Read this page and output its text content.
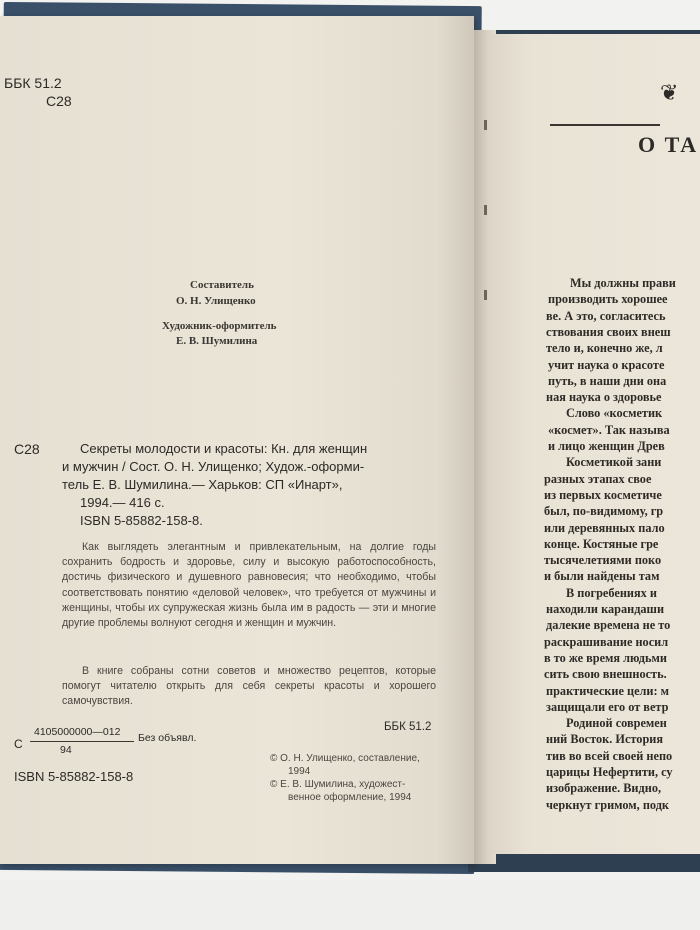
ББК 51.2
С28
Составитель
О. Н. Улищенко
Художник-оформитель
Е. В. Шумилина
С28	Секреты молодости и красоты: Кн. для женщин
и мужчин / Сост. О. Н. Улищенко; Худож.-оформи-
тель Е. В. Шумилина.— Харьков: СП «Инарт»,
1994.— 416 с.
ISBN 5-85882-158-8.
Как выглядеть элегантным и привлекательным, на долгие годы сохранить бодрость и здоровье, силу и высокую работоспособность, достичь физического и душевного равновесия; что необходимо, чтобы соответствовать понятию «деловой человек», что требуется от мужчины и женщины, чтобы их супружеская жизнь была им в радость — эти и многие другие проблемы волнуют сегодня и женщин и мужчин.
В книге собраны сотни советов и множество рецептов, которые помогут читателю открыть для себя секреты красоты и хорошего самочувствия.
С
4105000000—012
94
Без объявл.
ББК 51.2
© О. Н. Улищенко, составление,
1994
© Е. В. Шумилина, художест-
венное оформление, 1994
ISBN 5-85882-158-8
❦
О ТА
Мы должны прави
производить хорошее
ве. А это, согласитесь
ствования своих внеш
тело и, конечно же, л
учит наука о красоте
путь, в наши дни она
ная наука о здоровье
Слово «косметик
«космет». Так называ
и лицо женщин Древ
Косметикой зани
разных этапах свое
из первых косметиче
был, по-видимому, гр
или деревянных пало
конце. Костяные гре
тысячелетиями поко
и были найдены там
В погребениях и
находили карандаши
далекие времена не то
раскрашивание носил
в то же время людьми
сить свою внешность.
практические цели: м
защищали его от ветр
Родиной современ
ний Восток. История
тив во всей своей непо
царицы Нефертити, су
изображение. Видно,
черкнут гримом, подк
